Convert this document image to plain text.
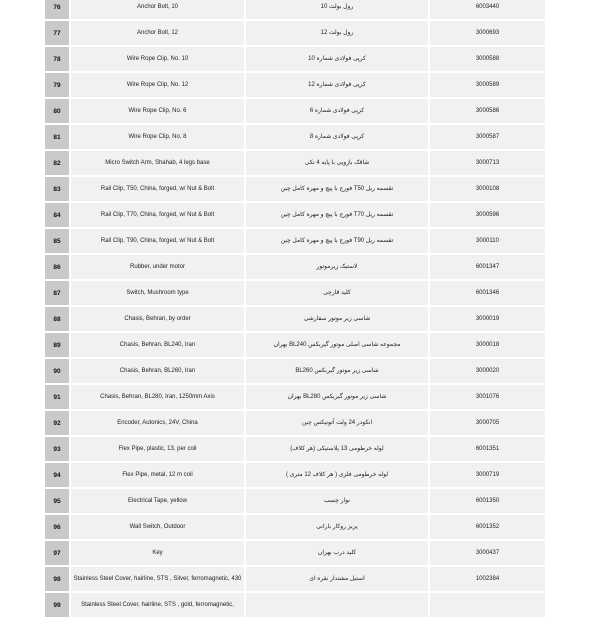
76	Anchor Bolt, 10	رول بولت 10	6003440
77	Anchor Bolt, 12	رول بولت 12	3000693
78	Wire Rope Clip, No. 10	کرپی فولادی شماره 10	3000588
79	Wire Rope Clip, No. 12	کرپی فولادی شماره 12	3000589
80	Wire Rope Clip, No. 6	کرپی فولادی شماره 6	3000586
81	Wire Rope Clip, No. 8	کرپی فولادی شماره 8	3000587
82	Micro Switch Arm, Shahab, 4 legs base	شاقک بازویی با پایه 4 تکی	3000713
83	Rail Clip, T50, China, forged, w/ Nut & Bolt	تقسمه ریل T50 فورج با پیچ و مهره کامل چین	3000108
84	Rail Clip, T70, China, forged, w/ Nut & Bolt	تقسمه ریل T70 فورج با پیچ و مهره کامل چین	3000596
85	Rail Clip, T90, China, forged, w/ Nut & Bolt	تقسمه ریل T90 فورج با پیچ و مهره کامل چین	3000110
86	Rubber, under motor	لاستیک زیرموتور	6001347
87	Switch, Mushroom type	کلید قارچی	6001346
88	Chasis, Behran, by order	شاسی زیر موتور سفارشی	3000019
89	Chasis, Behran, BL240, Iran	مجموعه شاسی اصلی موتور گیربکس BL240 بهران	3000018
90	Chasis, Behran, BL260, Iran	شاسی زیر موتور گیربکس BL260	3000020
91	Chasis, Behran, BL280, Iran, 1250mm Axis	شاسی زیر موتور گیربکس BL280 بهران	3001076
92	Encoder, Autonics, 24V, China	انکودر 24 ولت آتونیکس چین	3000705
93	Flex Pipe, plastic, 13, per coil	لوله خرطومی 13 پلاستیکی (هر کلاف)	6001351
94	Flex Pipe, metal, 12 m coil	لوله خرطومی فلزی ( هر کلاف 12 متری )	3000719
95	Electrical Tape, yellow	نوار چسب	6001350
96	Wall Switch, Outdoor	پریز روکار بارانی	6001352
97	Key	کلید درب بهران	3000437
98	Stainless Steel Cover, hairline, STS , Silver, ferromagnetic, 430	استیل مشتدار نقره ای	1002384
99	Stainless Steel Cover, hairline, STS , gold, ferromagnetic,
